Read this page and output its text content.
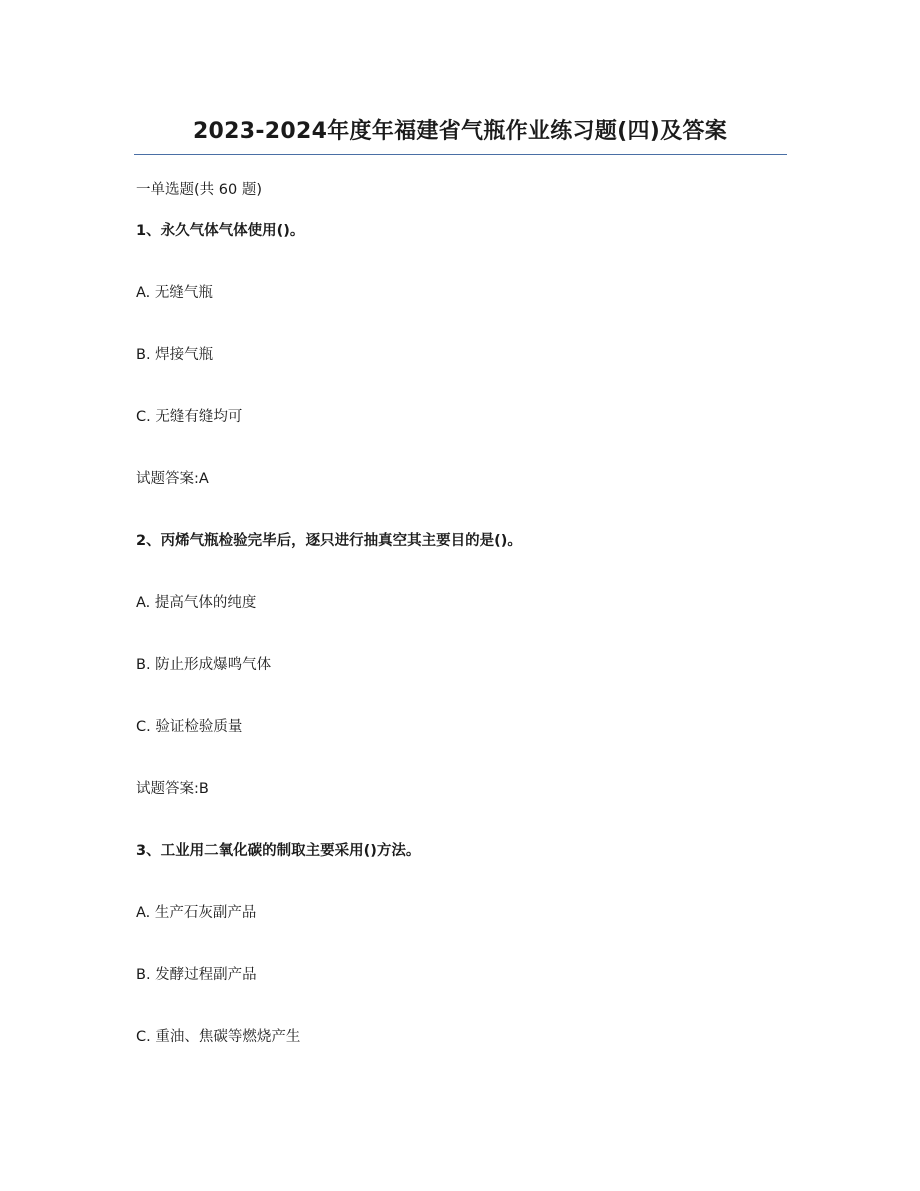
2023-2024年度年福建省气瓶作业练习题(四)及答案
一单选题(共 60 题)
1、永久气体气体使用()。
A. 无缝气瓶
B. 焊接气瓶
C. 无缝有缝均可
试题答案:A
2、丙烯气瓶检验完毕后，逐只进行抽真空其主要目的是()。
A. 提高气体的纯度
B. 防止形成爆鸣气体
C. 验证检验质量
试题答案:B
3、工业用二氧化碳的制取主要采用()方法。
A. 生产石灰副产品
B. 发酵过程副产品
C. 重油、焦碳等燃烧产生
